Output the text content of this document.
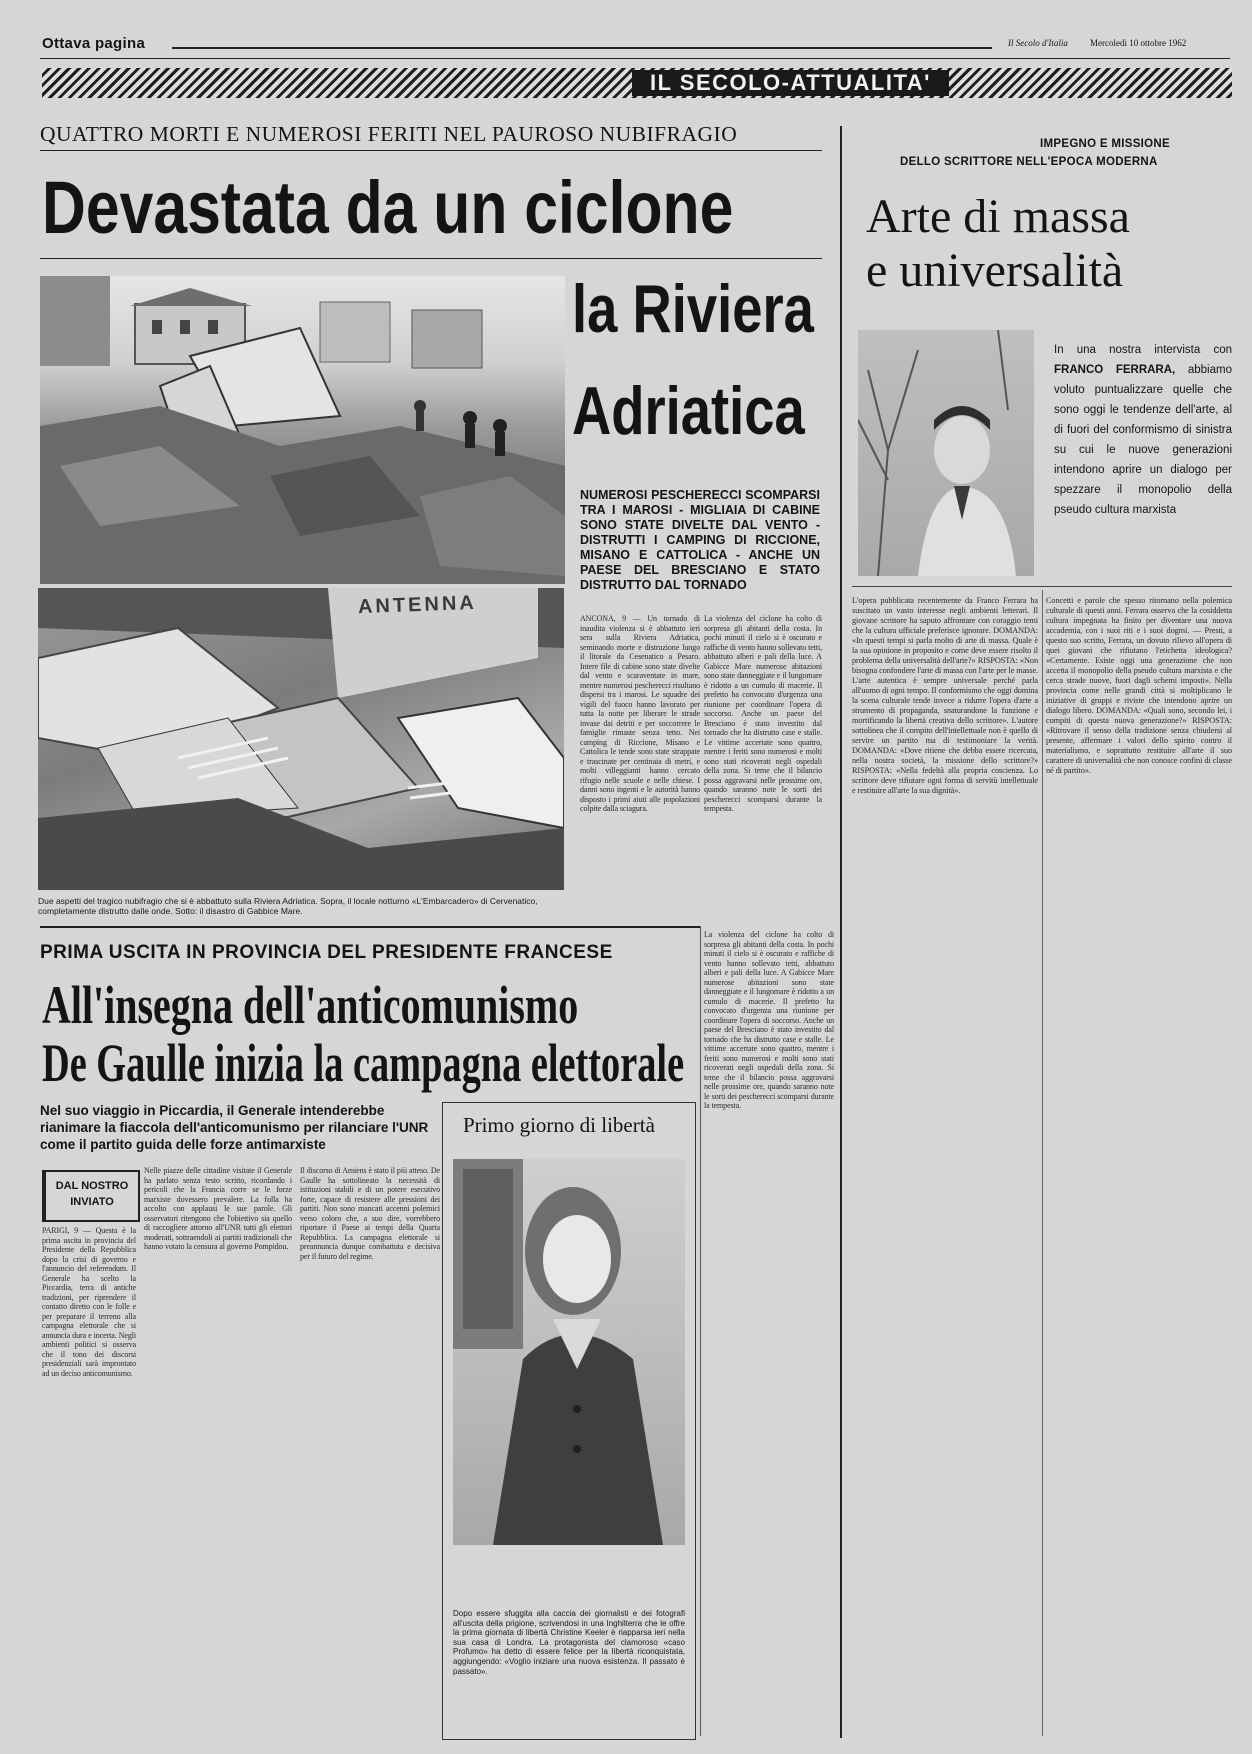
Ottava pagina	Il Secolo d'Italia Mercoledì 10 ottobre 1962
IL SECOLO-ATTUALITA'
QUATTRO MORTI E NUMEROSI FERITI NEL PAUROSO NUBIFRAGIO
Devastata da un ciclone
la Riviera
Adriatica
NUMEROSI PESCHERECCI SCOMPARSI TRA I MAROSI - MIGLIAIA DI CABINE SONO STATE DIVELTE DAL VENTO - DISTRUTTI I CAMPING DI RICCIONE, MISANO E CATTOLICA - ANCHE UN PAESE DEL BRESCIANO E STATO DISTRUTTO DAL TORNADO
ANTENNA
Due aspetti del tragico nubifragio che si è abbattuto sulla Riviera Adriatica. Sopra, il locale notturno «L'Embarcadero» di Cervenatico, completamente distrutto dalle onde. Sotto: il disastro di Gabbice Mare.
ANCONA, 9 — Un tornado di inaudita violenza si è abbattuto ieri sera sulla Riviera Adriatica, seminando morte e distruzione lungo il litorale da Cesenatico a Pesaro. Intere file di cabine sono state divelte dal vento e scaraventate in mare, mentre numerosi pescherecci risultano dispersi tra i marosi. Le squadre dei vigili del fuoco hanno lavorato per tutta la notte per liberare le strade invase dai detriti e per soccorrere le famiglie rimaste senza tetto. Nei camping di Riccione, Misano e Cattolica le tende sono state strappate e trascinate per centinaia di metri, e molti villeggianti hanno cercato rifugio nelle scuole e nelle chiese. I danni sono ingenti e le autorità hanno disposto i primi aiuti alle popolazioni colpite dalla sciagura.
La violenza del ciclone ha colto di sorpresa gli abitanti della costa. In pochi minuti il cielo si è oscurato e raffiche di vento hanno sollevato tetti, abbattuto alberi e pali della luce. A Gabicce Mare numerose abitazioni sono state danneggiate e il lungomare è ridotto a un cumulo di macerie. Il prefetto ha convocato d'urgenza una riunione per coordinare l'opera di soccorso. Anche un paese del Bresciano è stato investito dal tornado che ha distrutto case e stalle. Le vittime accertate sono quattro, mentre i feriti sono numerosi e molti sono stati ricoverati negli ospedali della zona. Si teme che il bilancio possa aggravarsi nelle prossime ore, quando saranno note le sorti dei pescherecci scomparsi durante la tempesta.
PRIMA USCITA IN PROVINCIA DEL PRESIDENTE FRANCESE
All'insegna dell'anticomunismo
De Gaulle inizia la campagna elettorale
Nel suo viaggio in Piccardia, il Generale intenderebbe rianimare la fiaccola dell'anticomunismo per rilanciare l'UNR come il partito guida delle forze antimarxiste
DAL NOSTRO INVIATO
PARIGI, 9 — Questa è la prima uscita in provincia del Presidente della Repubblica dopo la crisi di governo e l'annuncio del referendum. Il Generale ha scelto la Piccardia, terra di antiche tradizioni, per riprendere il contatto diretto con le folle e per preparare il terreno alla campagna elettorale che si annuncia dura e incerta. Negli ambienti politici si osserva che il tono dei discorsi presidenziali sarà improntato ad un deciso anticomunismo.
Nelle piazze delle cittadine visitate il Generale ha parlato senza testo scritto, ricordando i pericoli che la Francia corre se le forze marxiste dovessero prevalere. La folla ha accolto con applausi le sue parole. Gli osservatori ritengono che l'obiettivo sia quello di raccogliere attorno all'UNR tutti gli elettori moderati, sottraendoli ai partiti tradizionali che hanno votato la censura al governo Pompidou.
Il discorso di Amiens è stato il più atteso. De Gaulle ha sottolineato la necessità di istituzioni stabili e di un potere esecutivo forte, capace di resistere alle pressioni dei partiti. Non sono mancati accenni polemici verso coloro che, a suo dire, vorrebbero riportare il Paese ai tempi della Quarta Repubblica. La campagna elettorale si preannuncia dunque combattuta e decisiva per il futuro del regime.
Primo giorno di libertà
Dopo essere sfuggita alla caccia dei giornalisti e dei fotografi all'uscita della prigione, scrivendosi in una Inghilterra che le offre la prima giornata di libertà Christine Keeler è riapparsa ieri nella sua casa di Londra. La protagonista del clamoroso «caso Profumo» ha detto di essere felice per la libertà riconquistata, aggiungendo: «Voglio iniziare una nuova esistenza. Il passato è passato».
La violenza del ciclone ha colto di sorpresa gli abitanti della costa. In pochi minuti il cielo si è oscurato e raffiche di vento hanno sollevato tetti, abbattuto alberi e pali della luce. A Gabicce Mare numerose abitazioni sono state danneggiate e il lungomare è ridotto a un cumulo di macerie. Il prefetto ha convocato d'urgenza una riunione per coordinare l'opera di soccorso. Anche un paese del Bresciano è stato investito dal tornado che ha distrutto case e stalle. Le vittime accertate sono quattro, mentre i feriti sono numerosi e molti sono stati ricoverati negli ospedali della zona. Si teme che il bilancio possa aggravarsi nelle prossime ore, quando saranno note le sorti dei pescherecci scomparsi durante la tempesta.
IMPEGNO E MISSIONE
DELLO SCRITTORE NELL'EPOCA MODERNA
Arte di massa
e universalità
In una nostra intervista con FRANCO FERRARA, abbiamo voluto puntualizzare quelle che sono oggi le tendenze dell'arte, al di fuori del conformismo di sinistra su cui le nuove generazioni intendono aprire un dialogo per spezzare il monopolio della pseudo cultura marxista
L'opera pubblicata recentemente da Franco Ferrara ha suscitato un vasto interesse negli ambienti letterari. Il giovane scrittore ha saputo affrontare con coraggio temi che la cultura ufficiale preferisce ignorare. DOMANDA: «In questi tempi si parla molto di arte di massa. Quale è la sua opinione in proposito e come deve essere risolto il problema della universalità dell'arte?» RISPOSTA: «Non bisogna confondere l'arte di massa con l'arte per le masse. L'arte autentica è sempre universale perché parla all'uomo di ogni tempo. Il conformismo che oggi domina la scena culturale tende invece a ridurre l'opera d'arte a strumento di propaganda, snaturandone la funzione e mortificando la libertà creativa dello scrittore». L'autore sottolinea che il compito dell'intellettuale non è quello di servire un partito ma di testimoniare la verità. DOMANDA: «Dove ritiene che debba essere ricercata, nella nostra società, la missione dello scrittore?» RISPOSTA: «Nella fedeltà alla propria coscienza. Lo scrittore deve rifiutare ogni forma di servitù intellettuale e restituire all'arte la sua dignità».
Concetti e parole che spesso ritornano nella polemica culturale di questi anni. Ferrara osserva che la cosiddetta cultura impegnata ha finito per diventare una nuova accademia, con i suoi riti e i suoi dogmi. — Presti, a questo suo scritto, Ferrara, un dovuto rilievo all'opera di quei giovani che rifiutano l'etichetta ideologica? «Certamente. Esiste oggi una generazione che non accetta il monopolio della pseudo cultura marxista e che cerca strade nuove, fuori dagli schemi imposti». Nella provincia come nelle grandi città si moltiplicano le iniziative di gruppi e riviste che intendono aprire un dialogo libero. DOMANDA: «Quali sono, secondo lei, i compiti di questa nuova generazione?» RISPOSTA: «Ritrovare il senso della tradizione senza chiudersi al presente, affermare i valori dello spirito contro il materialismo, e soprattutto restituire all'arte il suo carattere di universalità che non conosce confini di classe né di partito».
